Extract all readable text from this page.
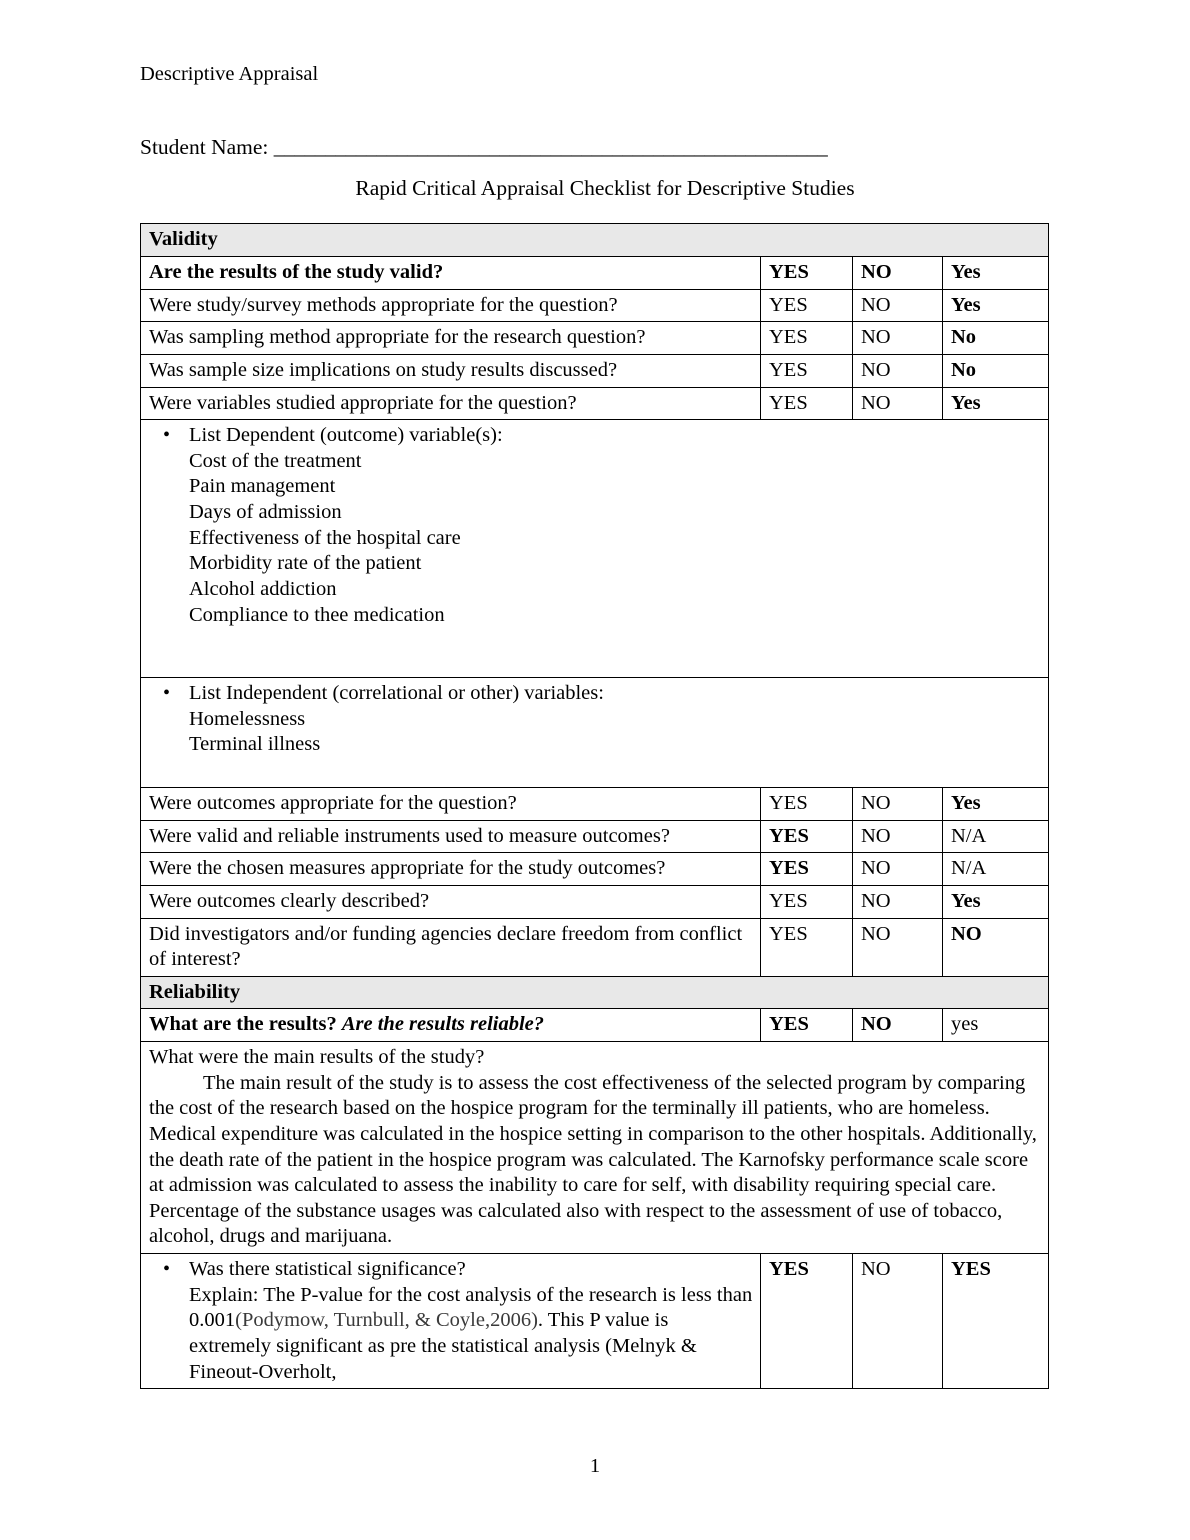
Descriptive Appraisal
Student Name: ______________________________________________________
Rapid Critical Appraisal Checklist for Descriptive Studies
Validity			
Are the results of the study valid?	YES	NO	Yes
Were study/survey methods appropriate for the question?	YES	NO	Yes
Was sampling method appropriate for the research question?	YES	NO	No
Was sample size implications on study results discussed?	YES	NO	No
Were variables studied appropriate for the question?	YES	NO	Yes

• List Dependent (outcome) variable(s):
Cost of the treatment
Pain management
Days of admission
Effectiveness of the hospital care
Morbidity rate of the patient
Alcohol addiction
Compliance to thee medication

• List Independent (correlational or other) variables:
Homelessness
Terminal illness

Were outcomes appropriate for the question?	YES	NO	Yes
Were valid and reliable instruments used to measure outcomes?	YES	NO	N/A
Were the chosen measures appropriate for the study outcomes?	YES	NO	N/A
Were outcomes clearly described?	YES	NO	Yes
Did investigators and/or funding agencies declare freedom from conflict of interest?	YES	NO	NO
Reliability			
What are the results? Are the results reliable?	YES	NO	yes

What were the main results of the study?

The main result of the study is to assess the cost effectiveness of the selected program by comparing the cost of the research based on the hospice program for the terminally ill patients, who are homeless. Medical expenditure was calculated in the hospice setting in comparison to the other hospitals. Additionally, the death rate of the patient in the hospice program was calculated. The Karnofsky performance scale score at admission was calculated to assess the inability to care for self, with disability requiring special care. Percentage of the substance usages was calculated also with respect to the assessment of use of tobacco, alcohol, drugs and marijuana.			

• Was there statistical significance?
Explain: The P-value for the cost analysis of the research is less than 0.001(Podymow, Turnbull, & Coyle,2006). This P value is extremely significant as pre the statistical analysis (Melnyk & Fineout-Overholt,	YES	NO	YES
1
